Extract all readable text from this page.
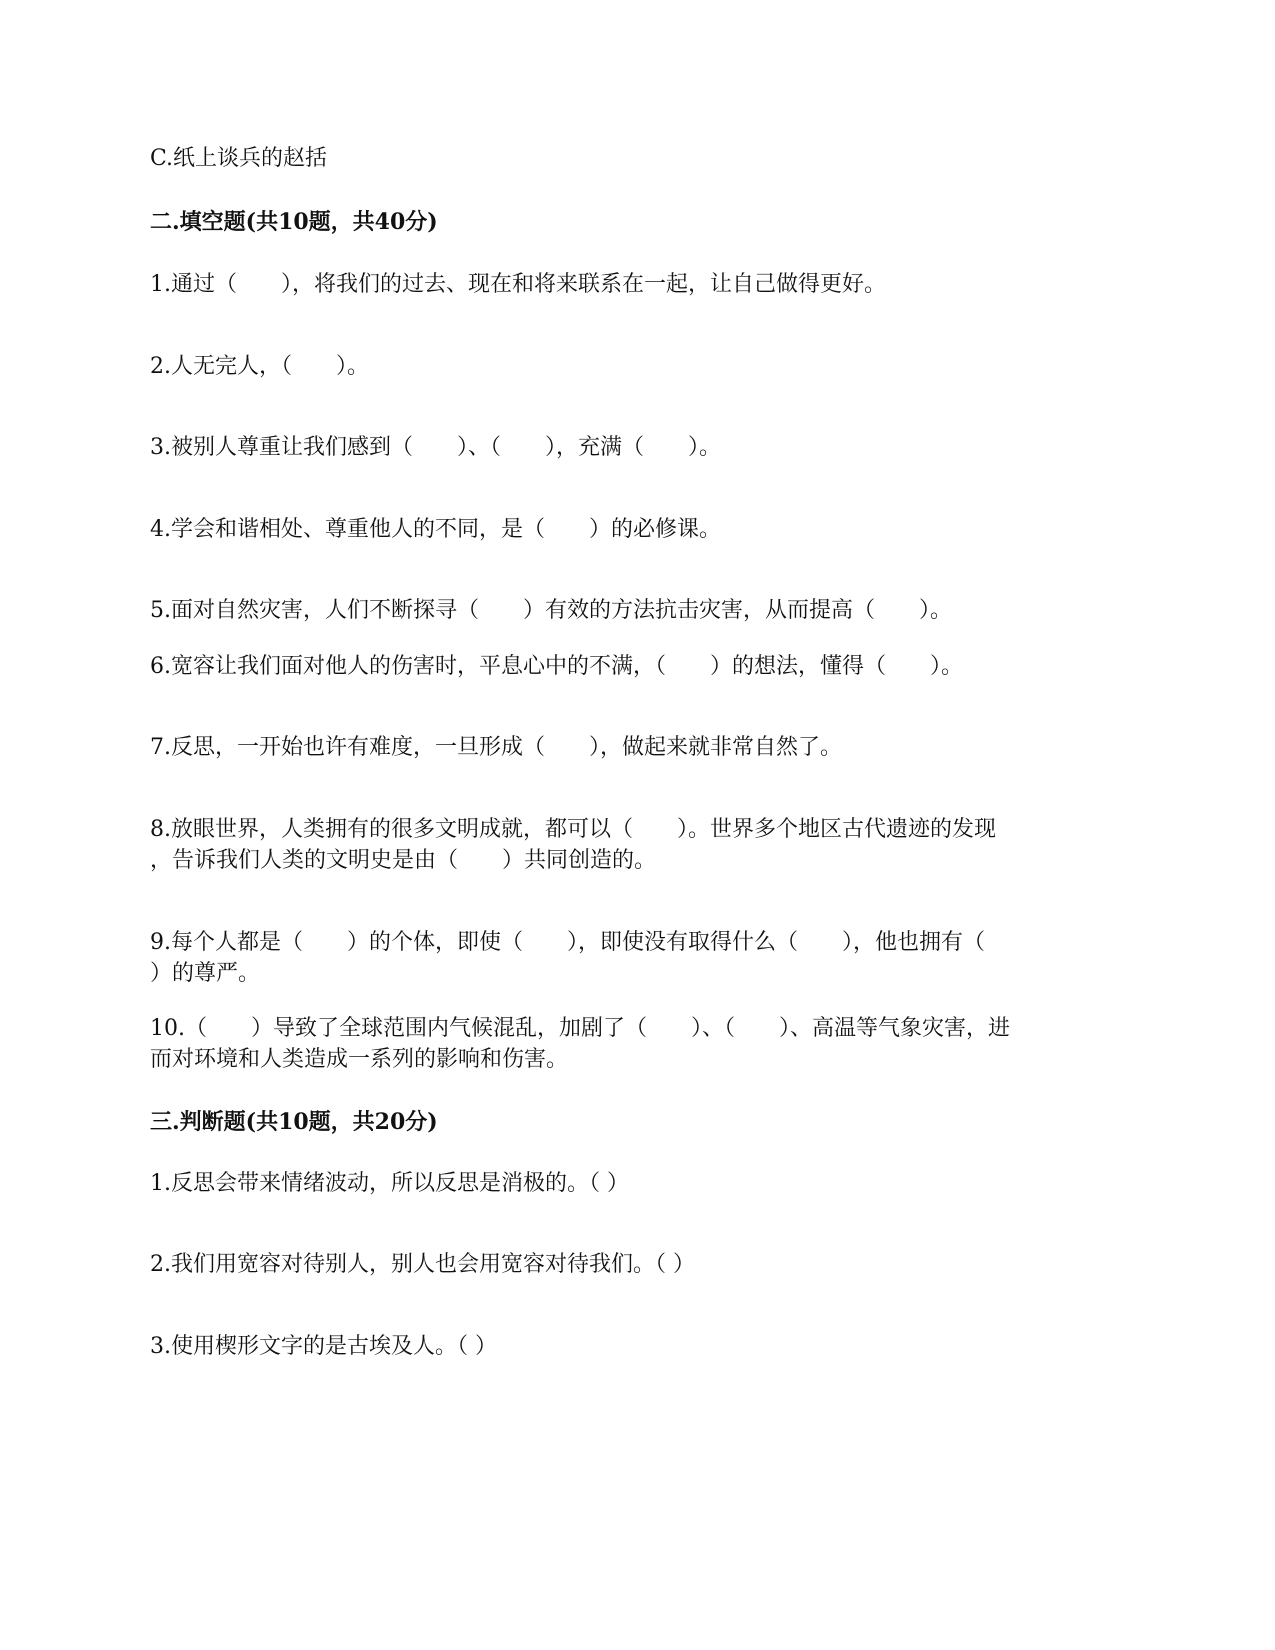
C.纸上谈兵的赵括
二.填空题(共10题，共40分)
1.通过（　　），将我们的过去、现在和将来联系在一起，让自己做得更好。
2.人无完人，（　　）。
3.被别人尊重让我们感到（　　）、（　　），充满（　　）。
4.学会和谐相处、尊重他人的不同，是（　　）的必修课。
5.面对自然灾害，人们不断探寻（　　）有效的方法抗击灾害，从而提高（　　）。
6.宽容让我们面对他人的伤害时，平息心中的不满，（　　）的想法，懂得（　　）。
7.反思，一开始也许有难度，一旦形成（　　），做起来就非常自然了。
8.放眼世界，人类拥有的很多文明成就，都可以（　　）。世界多个地区古代遗迹的发现
，告诉我们人类的文明史是由（　　）共同创造的。
9.每个人都是（　　）的个体，即使（　　），即使没有取得什么（　　），他也拥有（
）的尊严。
10.（　　）导致了全球范围内气候混乱，加剧了（　　）、（　　）、高温等气象灾害，进
而对环境和人类造成一系列的影响和伤害。
三.判断题(共10题，共20分)
1.反思会带来情绪波动，所以反思是消极的。（ ）
2.我们用宽容对待别人，别人也会用宽容对待我们。（ ）
3.使用楔形文字的是古埃及人。（ ）
